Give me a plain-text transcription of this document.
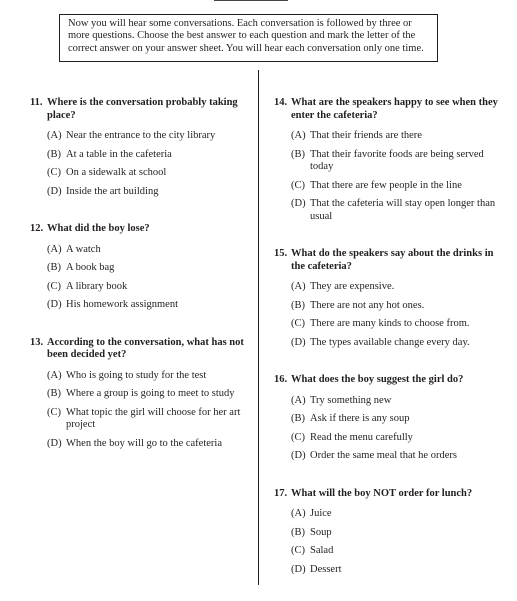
Now you will hear some conversations. Each conversation is followed by three or more questions. Choose the best answer to each question and mark the letter of the correct answer on your answer sheet. You will hear each conversation only one time.
11. Where is the conversation probably taking place?
(A) Near the entrance to the city library
(B) At a table in the cafeteria
(C) On a sidewalk at school
(D) Inside the art building
12. What did the boy lose?
(A) A watch
(B) A book bag
(C) A library book
(D) His homework assignment
13. According to the conversation, what has not been decided yet?
(A) Who is going to study for the test
(B) Where a group is going to meet to study
(C) What topic the girl will choose for her art project
(D) When the boy will go to the cafeteria
14. What are the speakers happy to see when they enter the cafeteria?
(A) That their friends are there
(B) That their favorite foods are being served today
(C) That there are few people in the line
(D) That the cafeteria will stay open longer than usual
15. What do the speakers say about the drinks in the cafeteria?
(A) They are expensive.
(B) There are not any hot ones.
(C) There are many kinds to choose from.
(D) The types available change every day.
16. What does the boy suggest the girl do?
(A) Try something new
(B) Ask if there is any soup
(C) Read the menu carefully
(D) Order the same meal that he orders
17. What will the boy NOT order for lunch?
(A) Juice
(B) Soup
(C) Salad
(D) Dessert
